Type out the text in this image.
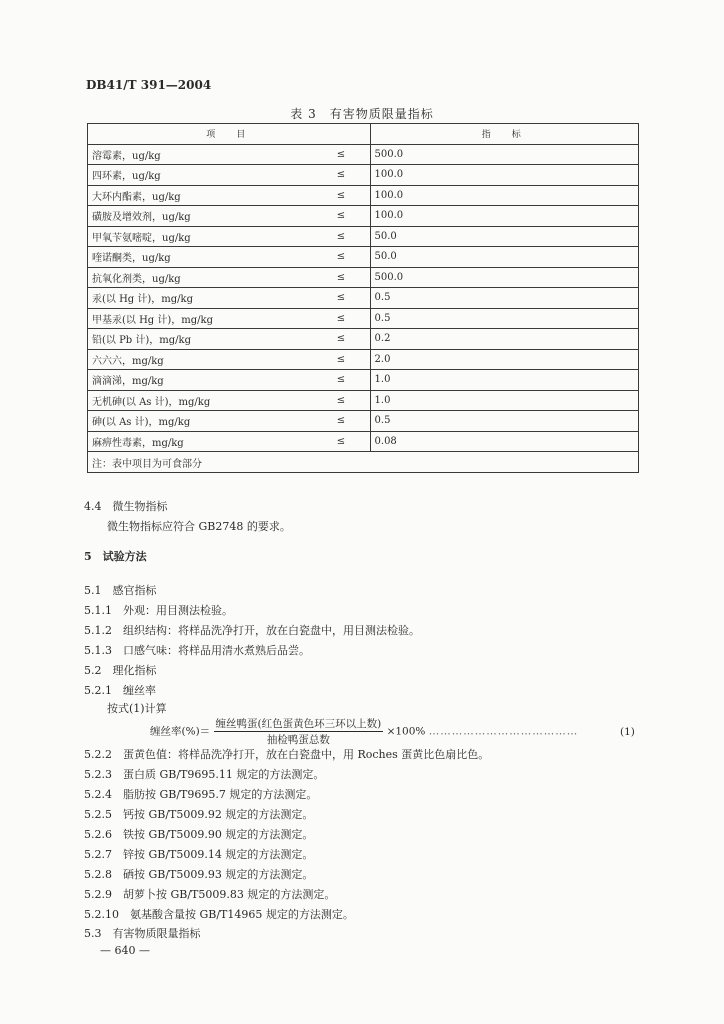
DB41/T 391—2004
表 3　有害物质限量指标
项　目		指　标
溶霉素，ug/kg	≤	500.0
四环素，ug/kg	≤	100.0
大环内酯素，ug/kg	≤	100.0
磺胺及增效剂，ug/kg	≤	100.0
甲氧苄氨嘧啶，ug/kg	≤	50.0
喹诺酮类，ug/kg	≤	50.0
抗氧化剂类，ug/kg	≤	500.0
汞(以 Hg 计)，mg/kg	≤	0.5
甲基汞(以 Hg 计)，mg/kg	≤	0.5
铅(以 Pb 计)，mg/kg	≤	0.2
六六六，mg/kg	≤	2.0
滴滴涕，mg/kg	≤	1.0
无机砷(以 As 计)，mg/kg	≤	1.0
砷(以 As 计)，mg/kg	≤	0.5
麻痹性毒素，mg/kg	≤	0.08
注：表中项目为可食部分		
4.4　微生物指标
微生物指标应符合 GB2748 的要求。
5　试验方法
5.1　感官指标
5.1.1　外观：用目测法检验。
5.1.2　组织结构：将样品洗净打开，放在白瓷盘中，用目测法检验。
5.1.3　口感气味：将样品用清水煮熟后品尝。
5.2　理化指标
5.2.1　缠丝率
按式(1)计算
缠丝率(%)＝ $\frac{\text{缠丝鸭蛋(红色蛋黄色环三环以上数)}}{\text{抽检鸭蛋总数}} \times 100\%$ …………………………………	(1)
5.2.2　蛋黄色值：将样品洗净打开，放在白瓷盘中，用 Roches 蛋黄比色扇比色。
5.2.3　蛋白质 GB/T9695.11 规定的方法测定。
5.2.4　脂肪按 GB/T9695.7 规定的方法测定。
5.2.5　钙按 GB/T5009.92 规定的方法测定。
5.2.6　铁按 GB/T5009.90 规定的方法测定。
5.2.7　锌按 GB/T5009.14 规定的方法测定。
5.2.8　硒按 GB/T5009.93 规定的方法测定。
5.2.9　胡萝卜按 GB/T5009.83 规定的方法测定。
5.2.10　氨基酸含量按 GB/T14965 规定的方法测定。
5.3　有害物质限量指标
— 640 —
